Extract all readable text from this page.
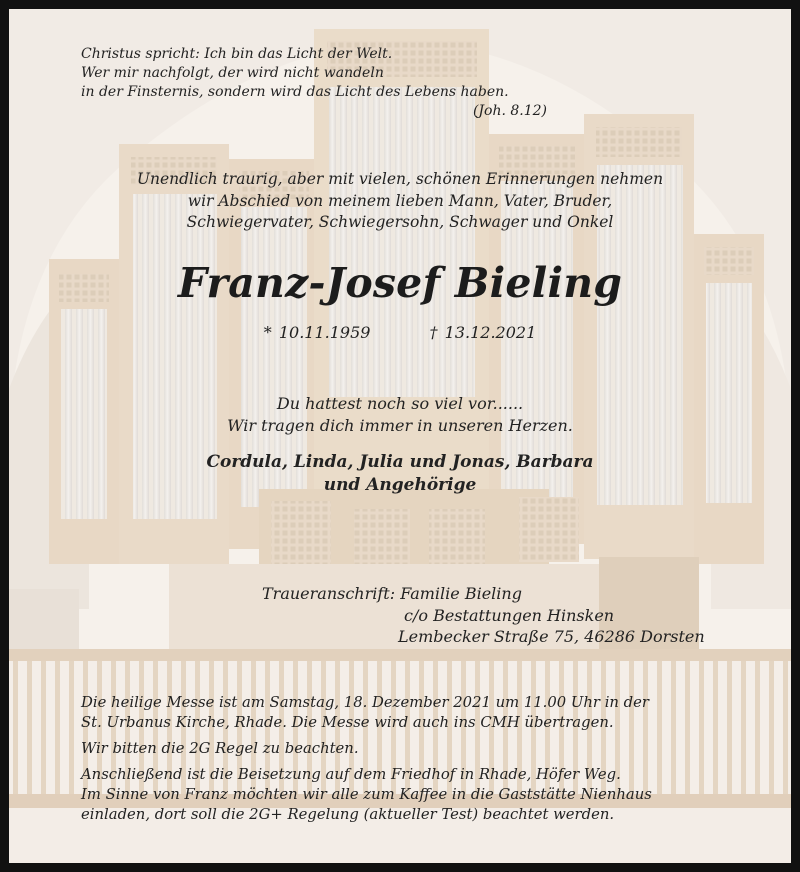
Christus spricht: Ich bin das Licht der Welt.
Wer mir nachfolgt, der wird nicht wandeln
in der Finsternis, sondern wird das Licht des Lebens haben.

(Joh. 8.12)
Unendlich traurig, aber mit vielen, schönen Erinnerungen nehmen
wir Abschied von meinem lieben Mann, Vater, Bruder,
Schwiegervater, Schwiegersohn, Schwager und Onkel
Franz-Josef Bieling
* 10.11.1959	† 13.12.2021
Du hattest noch so viel vor......
Wir tragen dich immer in unseren Herzen.
Cordula, Linda, Julia und Jonas, Barbara
und Angehörige
Traueranschrift: Familie Bieling
c/o Bestattungen Hinsken
Lembecker Straße 75, 46286 Dorsten

Die heilige Messe ist am Samstag, 18. Dezember 2021 um 11.00 Uhr in der
St. Urbanus Kirche, Rhade. Die Messe wird auch ins CMH übertragen.

Wir bitten die 2G Regel zu beachten.

Anschließend ist die Beisetzung auf dem Friedhof in Rhade, Höfer Weg.
Im Sinne von Franz möchten wir alle zum Kaffee in die Gaststätte Nienhaus
einladen, dort soll die 2G+ Regelung (aktueller Test) beachtet werden.
